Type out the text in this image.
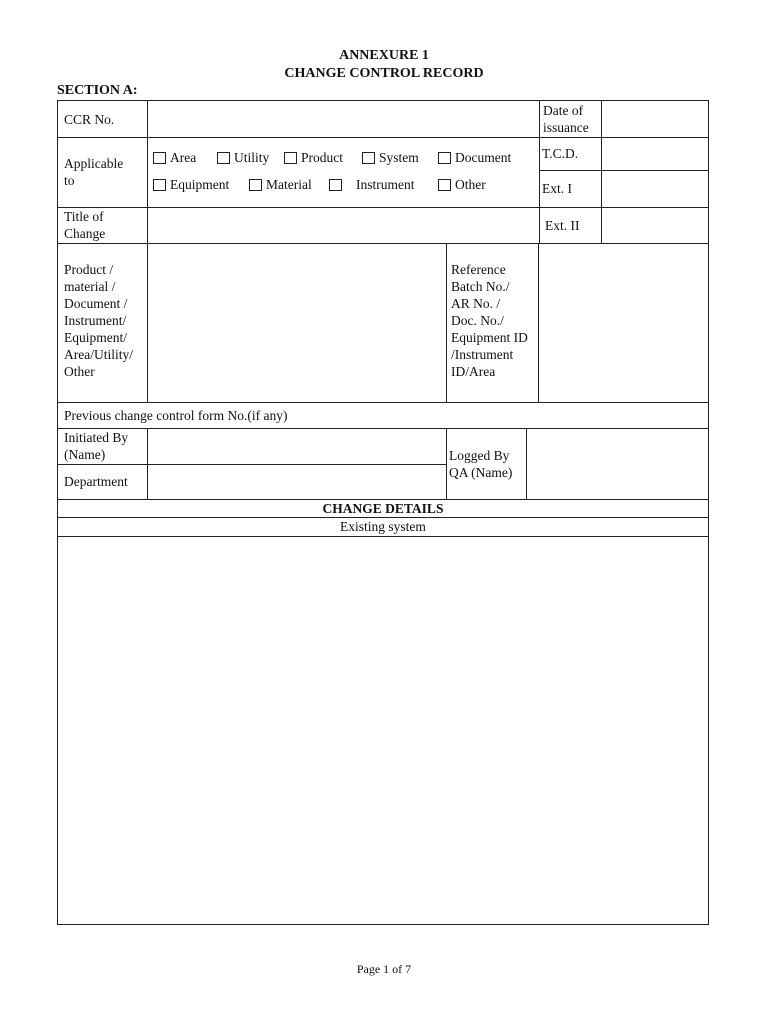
ANNEXURE 1
CHANGE CONTROL RECORD
SECTION A:
CCR No.
Date of
issuance
Applicable
to
Area	Utility	Product	System	Document
Equipment	Material	Instrument	Other
T.C.D.
Ext. I
Title of
Change
Ext. II
Product /
material /
Document /
Instrument/
Equipment/
Area/Utility/
Other
Reference
Batch No./
AR No. /
Doc. No./
Equipment ID
/Instrument
ID/Area
Previous change control form No.(if any)
Initiated By
(Name)
Department
Logged By
QA (Name)
CHANGE DETAILS
Existing system
Page 1 of 7
